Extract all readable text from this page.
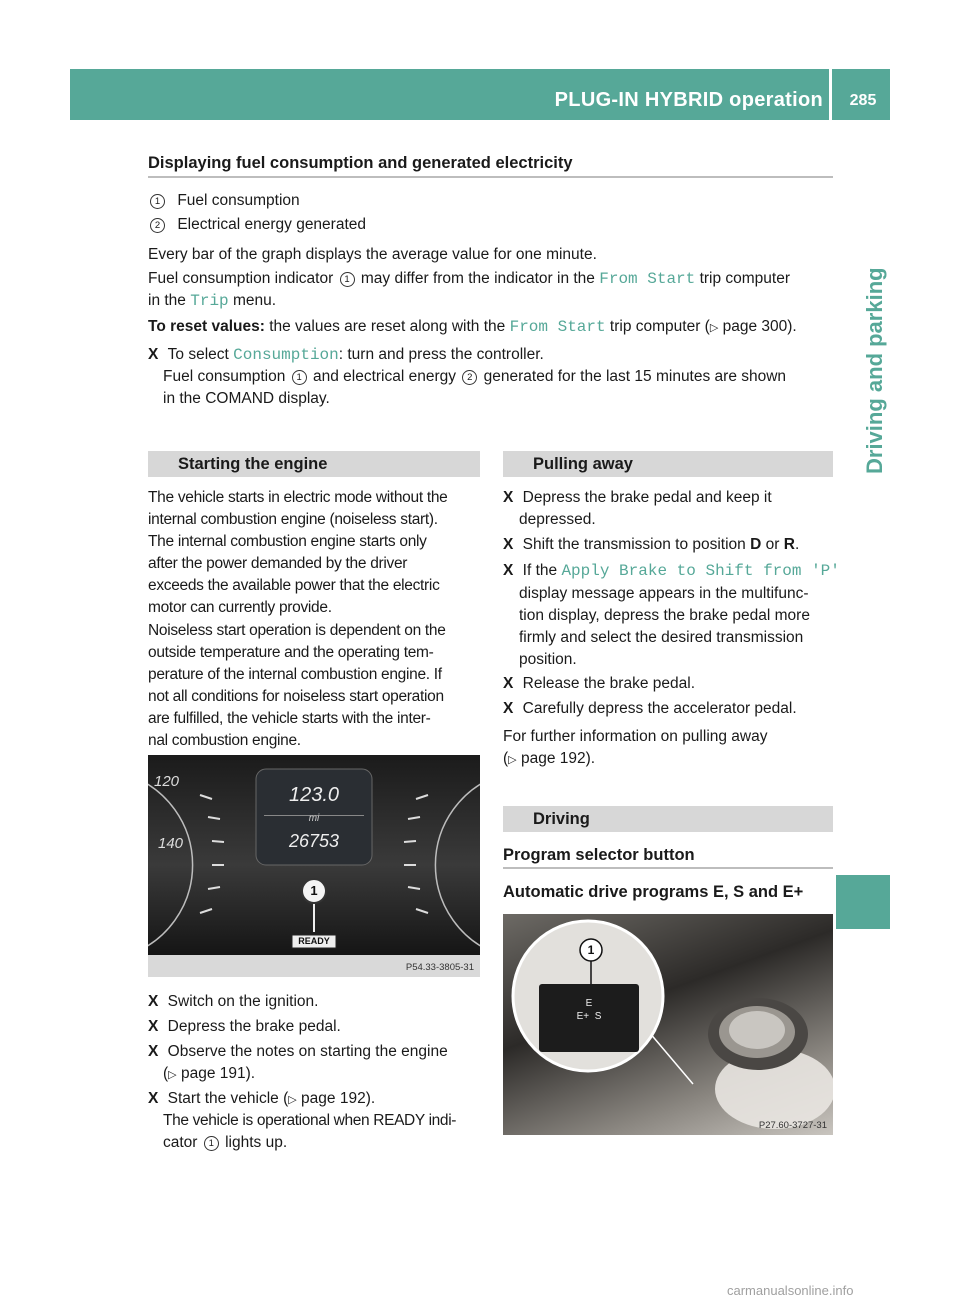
PLUG-IN HYBRID operation	285
Driving and parking
Displaying fuel consumption and generated electricity
1 Fuel consumption
2 Electrical energy generated
Every bar of the graph displays the average value for one minute.
Fuel consumption indicator 1 may differ from the indicator in the From Start trip computer
in the Trip menu.
To reset values: the values are reset along with the From Start trip computer (▷ page 300).
X To select Consumption: turn and press the controller.
Fuel consumption 1 and electrical energy 2 generated for the last 15 minutes are shown
in the COMAND display.
Starting the engine
The vehicle starts in electric mode without the
internal combustion engine (noiseless start).
The internal combustion engine starts only
after the power demanded by the driver
exceeds the available power that the electric
motor can currently provide.
Noiseless start operation is dependent on the
outside temperature and the operating tem-
perature of the internal combustion engine. If
not all conditions for noiseless start operation
are fulfilled, the vehicle starts with the inter-
nal combustion engine.
120
140
123.0
mi
26753
1
READY
P54.33-3805-31
X Switch on the ignition.
X Depress the brake pedal.
X Observe the notes on starting the engine
(▷ page 191).
X Start the vehicle (▷ page 192).
The vehicle is operational when READY indi-
cator 1 lights up.
Pulling away
X Depress the brake pedal and keep it
depressed.
X Shift the transmission to position D or R.
X If the Apply Brake to Shift from 'P'
display message appears in the multifunc-
tion display, depress the brake pedal more
firmly and select the desired transmission
position.
X Release the brake pedal.
X Carefully depress the accelerator pedal.
For further information on pulling away
(▷ page 192).
Driving
Program selector button
Automatic drive programs E, S and E+
1
E
E+  S
P27.60-3727-31
carmanualsonline.info
